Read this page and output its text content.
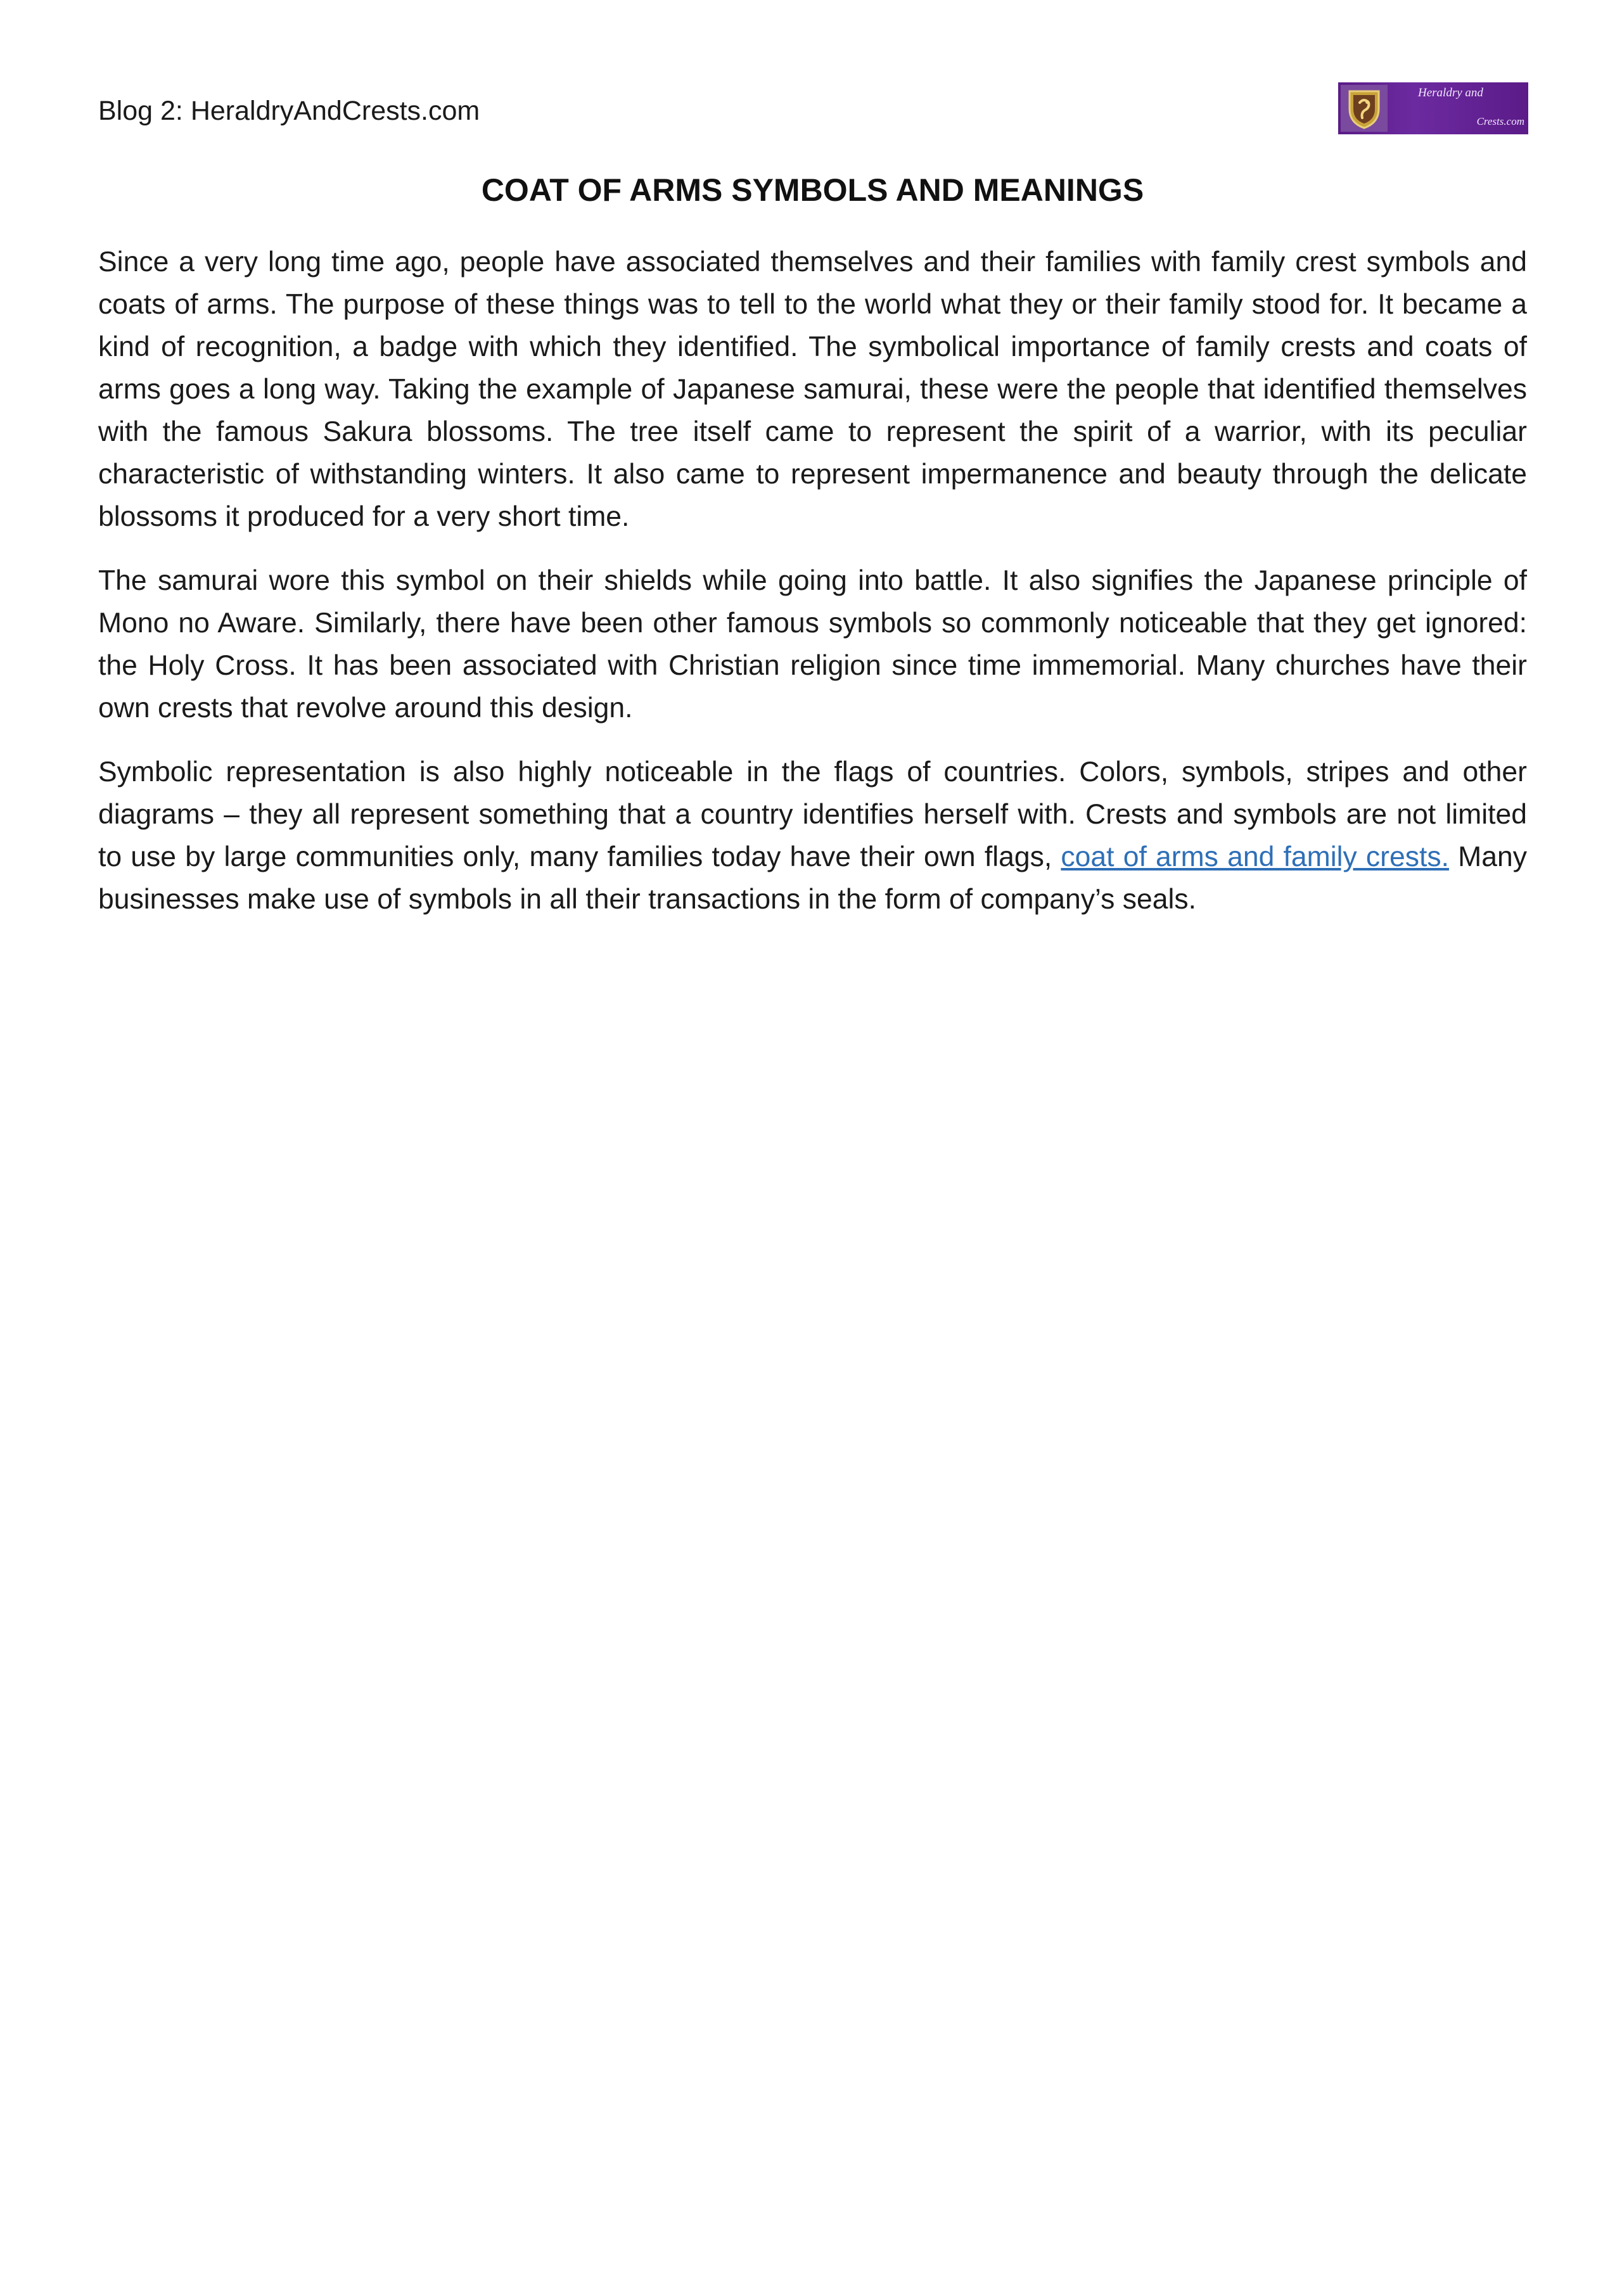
Blog 2: HeraldryAndCrests.com
Heraldry and
Crests.com
COAT OF ARMS SYMBOLS AND MEANINGS

Since a very long time ago, people have associated themselves and their families with family crest symbols and coats of arms. The purpose of these things was to tell to the world what they or their family stood for. It became a kind of recognition, a badge with which they identified. The symbolical importance of family crests and coats of arms goes a long way. Taking the example of Japanese samurai, these were the people that identified themselves with the famous Sakura blossoms. The tree itself came to represent the spirit of a warrior, with its peculiar characteristic of withstanding winters. It also came to represent impermanence and beauty through the delicate blossoms it produced for a very short time.

The samurai wore this symbol on their shields while going into battle. It also signifies the Japanese principle of Mono no Aware. Similarly, there have been other famous symbols so commonly noticeable that they get ignored: the Holy Cross. It has been associated with Christian religion since time immemorial. Many churches have their own crests that revolve around this design.

Symbolic representation is also highly noticeable in the flags of countries. Colors, symbols, stripes and other diagrams – they all represent something that a country identifies herself with. Crests and symbols are not limited to use by large communities only, many families today have their own flags, coat of arms and family crests. Many businesses make use of symbols in all their transactions in the form of company’s seals.
